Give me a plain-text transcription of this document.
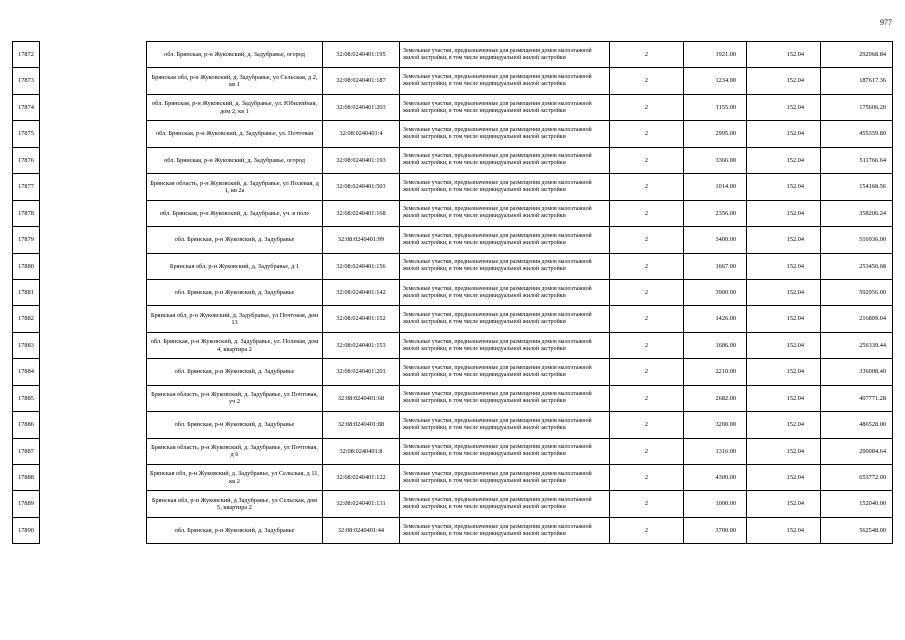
977
17872		обл. Брянская, р-н Жуковский, д. Задубравье, огород	32:08:0240401:195	Земельные участки, предназначенные для размещения домов малоэтажной жилой застройки, в том числе индивидуальной жилой застройки	2	1921.00	152.04	292068.84
17873		Брянская обл, р-н Жуковский, д. Задубравье, ул Сельская, д 2, кв 1	32:08:0240401:187	Земельные участки, предназначенные для размещения домов малоэтажной жилой застройки, в том числе индивидуальной жилой застройки	2	1234.00	152.04	187617.36
17874		обл. Брянская, р-н Жуковский, д. Задубравье, ул. Юбилейная, дом 2, кв 1	32:08:0240401:203	Земельные участки, предназначенные для размещения домов малоэтажной жилой застройки, в том числе индивидуальной жилой застройки	2	1155.00	152.04	175606.20
17875		обл. Брянская, р-н Жуковский, д. Задубравье, ул. Почтовая	32:08:0240401:4	Земельные участки, предназначенные для размещения домов малоэтажной жилой застройки, в том числе индивидуальной жилой застройки	2	2995.00	152.04	455359.80
17876		обл. Брянская, р-н Жуковский, д. Задубравье, огород	32:08:0240401:193	Земельные участки, предназначенные для размещения домов малоэтажной жилой застройки, в том числе индивидуальной жилой застройки	2	3366.00	152.04	511766.64
17877		Брянская область, р-н Жуковский, д. Задубравье, ул Полевая, д 1, кв 2а	32:08:0240401:503	Земельные участки, предназначенные для размещения домов малоэтажной жилой застройки, в том числе индивидуальной жилой застройки	2	1014.00	152.04	154168.56
17878		обл. Брянская, р-н Жуковский, д. Задубравье, уч. в поле	32:08:0240401:168	Земельные участки, предназначенные для размещения домов малоэтажной жилой застройки, в том числе индивидуальной жилой застройки	2	2356.00	152.04	358206.24
17879		обл. Брянская, р-н Жуковский, д. Задубравье	32:08:0240401:99	Земельные участки, предназначенные для размещения домов малоэтажной жилой застройки, в том числе индивидуальной жилой застройки	2	3400.00	152.04	516936.00
17880		Брянская обл, р-н Жуковский, д. Задубравье, д 1	32:08:0240401:156	Земельные участки, предназначенные для размещения домов малоэтажной жилой застройки, в том числе индивидуальной жилой застройки	2	1667.00	152.04	253450.68
17881		обл. Брянская, р-н Жуковский, д. Задубравье	32:08:0240401:142	Земельные участки, предназначенные для размещения домов малоэтажной жилой застройки, в том числе индивидуальной жилой застройки	2	3900.00	152.04	592956.00
17882		Брянская обл, р-н Жуковский, д. Задубравье, ул Почтовая, дом 13	32:08:0240401:152	Земельные участки, предназначенные для размещения домов малоэтажной жилой застройки, в том числе индивидуальной жилой застройки	2	1426.00	152.04	216809.04
17883		обл. Брянская, р-н Жуковский, д. Задубравье, ул. Полевая, дом 4, квартира 2	32:08:0240401:153	Земельные участки, предназначенные для размещения домов малоэтажной жилой застройки, в том числе индивидуальной жилой застройки	2	1686.00	152.04	256339.44
17884		обл. Брянская, р-н Жуковский, д. Задубравье	32:08:0240401:201	Земельные участки, предназначенные для размещения домов малоэтажной жилой застройки, в том числе индивидуальной жилой застройки	2	2210.00	152.04	336008.40
17885		Брянская область, р-н Жуковский, д. Задубравье, ул Почтовая, уч 2	32:08:0240401:68	Земельные участки, предназначенные для размещения домов малоэтажной жилой застройки, в том числе индивидуальной жилой застройки	2	2682.00	152.04	407771.28
17886		обл. Брянская, р-н Жуковский, д. Задубравье	32:08:0240401:88	Земельные участки, предназначенные для размещения домов малоэтажной жилой застройки, в том числе индивидуальной жилой застройки	2	3200.00	152.04	486528.00
17887		Брянская область, р-н Жуковский, д. Задубравье, ул Почтовая, д 6	32:08:0240401:8	Земельные участки, предназначенные для размещения домов малоэтажной жилой застройки, в том числе индивидуальной жилой застройки	2	1316.00	152.04	200084.64
17888		Брянская обл, р-н Жуковский, д. Задубравье, ул Сельская, д 11, кв 2	32:08:0240401:122	Земельные участки, предназначенные для размещения домов малоэтажной жилой застройки, в том числе индивидуальной жилой застройки	2	4300.00	152.04	653772.00
17889		Брянская обл, р-н Жуковский, д Задубравье, ул Сельская, дом 5, квартира 2	32:08:0240401:131	Земельные участки, предназначенные для размещения домов малоэтажной жилой застройки, в том числе индивидуальной жилой застройки	2	1000.00	152.04	152040.00
17890		обл. Брянская, р-н Жуковский, д. Задубравье	32:08:0240401:44	Земельные участки, предназначенные для размещения домов малоэтажной жилой застройки, в том числе индивидуальной жилой застройки	2	3700.00	152.04	562548.00
